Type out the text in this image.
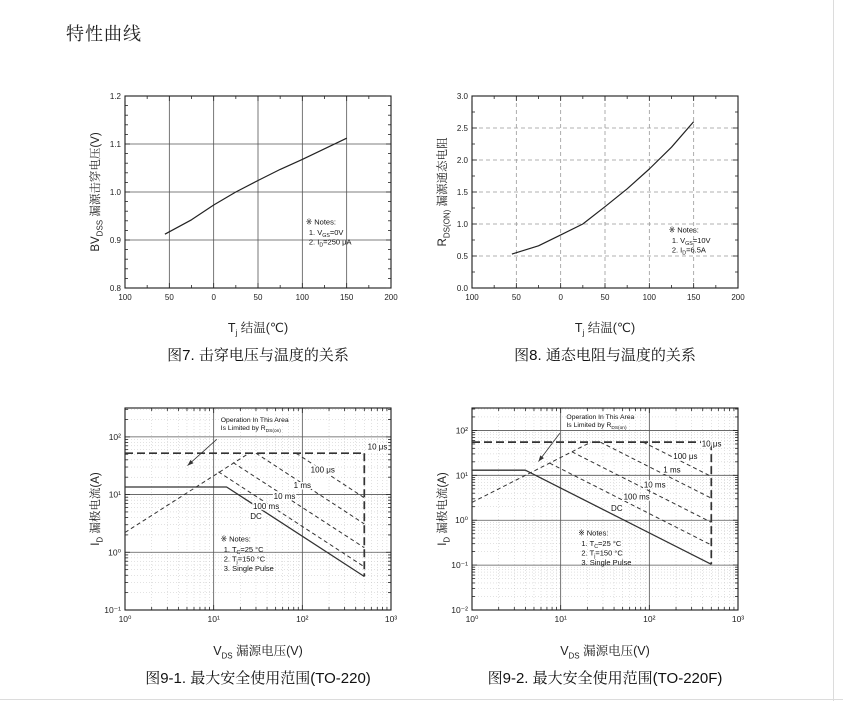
特性曲线
$BV_{DSS}$ 漏源击穿电压(V)
100	50	0	50	100	150	200
0.8
0.9
1.0
1.1
1.2
※ Notes:
1. $V_{GS}=0V$
2. $I_D=250$ μA
$T_j$ 结温(℃)
图7. 击穿电压与温度的关系
$R_{DS(ON)}$ 漏源通态电阻
100	50	0	50	100	150	200
0.0
0.5
1.0
1.5
2.0
2.5
3.0
※ Notes:
1. $V_{GS}=10V$
2. $I_D=6.5A$
$T_j$ 结温(℃)
图8. 通态电阻与温度的关系
$I_D$ 漏极电流(A)
10⁰	10¹	10²	10³
10²
10¹
10⁰
10⁻¹
10 μs
100 μs
1 ms
10 ms
100 ms
DC
Operation In This Area
Is Limited by $R_{DS(on)}$
※ Notes:
1. $T_C=25$ °C
2. $T_j=150$ °C
3. Single Pulse
$V_{DS}$ 漏源电压(V)
图9-1. 最大安全使用范围(TO-220)
$I_D$ 漏极电流(A)
10⁰	10¹	10²	10³
10²
10¹
10⁰
10⁻¹
10⁻²
10 μs
100 μs
1 ms
10 ms
100 ms
DC
Operation In This Area
Is Limited by $R_{DS(on)}$
※ Notes:
1. $T_C=25$ °C
2. $T_j=150$ °C
3. Single Pulse
$V_{DS}$ 漏源电压(V)
图9-2. 最大安全使用范围(TO-220F)
